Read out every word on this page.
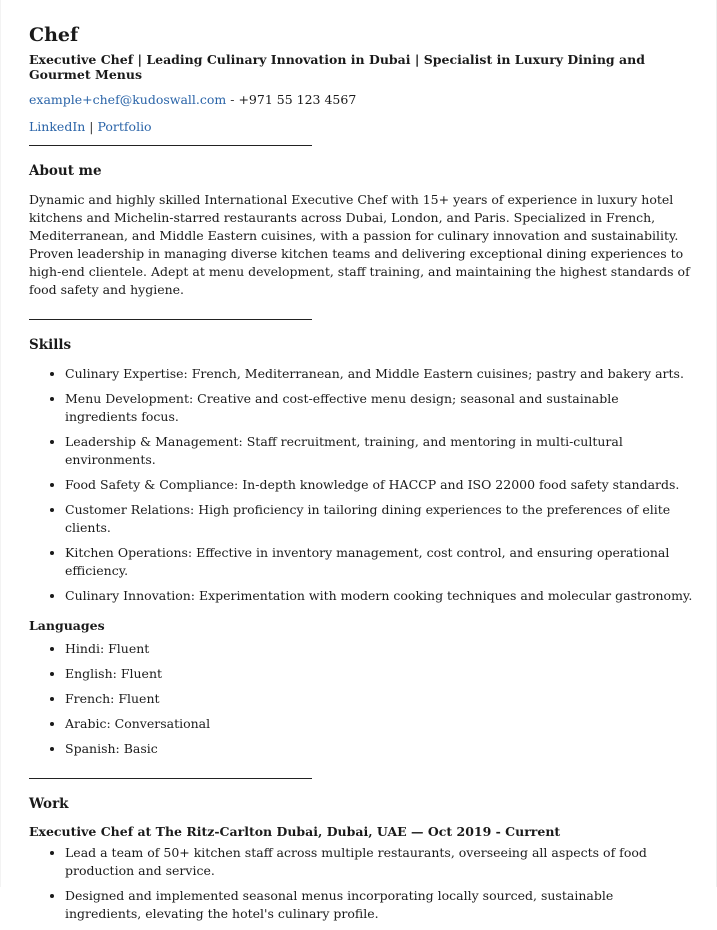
Chef
Executive Chef | Leading Culinary Innovation in Dubai | Specialist in Luxury Dining and Gourmet Menus
example+chef@kudoswall.com - +971 55 123 4567
LinkedIn | Portfolio
About me

Dynamic and highly skilled International Executive Chef with 15+ years of experience in luxury hotel kitchens and Michelin-starred restaurants across Dubai, London, and Paris. Specialized in French, Mediterranean, and Middle Eastern cuisines, with a passion for culinary innovation and sustainability. Proven leadership in managing diverse kitchen teams and delivering exceptional dining experiences to high-end clientele. Adept at menu development, staff training, and maintaining the highest standards of food safety and hygiene.

Skills
• Culinary Expertise: French, Mediterranean, and Middle Eastern cuisines; pastry and bakery arts.
• Menu Development: Creative and cost-effective menu design; seasonal and sustainable ingredients focus.
• Leadership & Management: Staff recruitment, training, and mentoring in multi-cultural environments.
• Food Safety & Compliance: In-depth knowledge of HACCP and ISO 22000 food safety standards.
• Customer Relations: High proficiency in tailoring dining experiences to the preferences of elite clients.
• Kitchen Operations: Effective in inventory management, cost control, and ensuring operational efficiency.
• Culinary Innovation: Experimentation with modern cooking techniques and molecular gastronomy.
Languages
• Hindi: Fluent
• English: Fluent
• French: Fluent
• Arabic: Conversational
• Spanish: Basic
Work
Executive Chef at The Ritz-Carlton Dubai, Dubai, UAE — Oct 2019 - Current
• Lead a team of 50+ kitchen staff across multiple restaurants, overseeing all aspects of food production and service.
• Designed and implemented seasonal menus incorporating locally sourced, sustainable ingredients, elevating the hotel's culinary profile.
